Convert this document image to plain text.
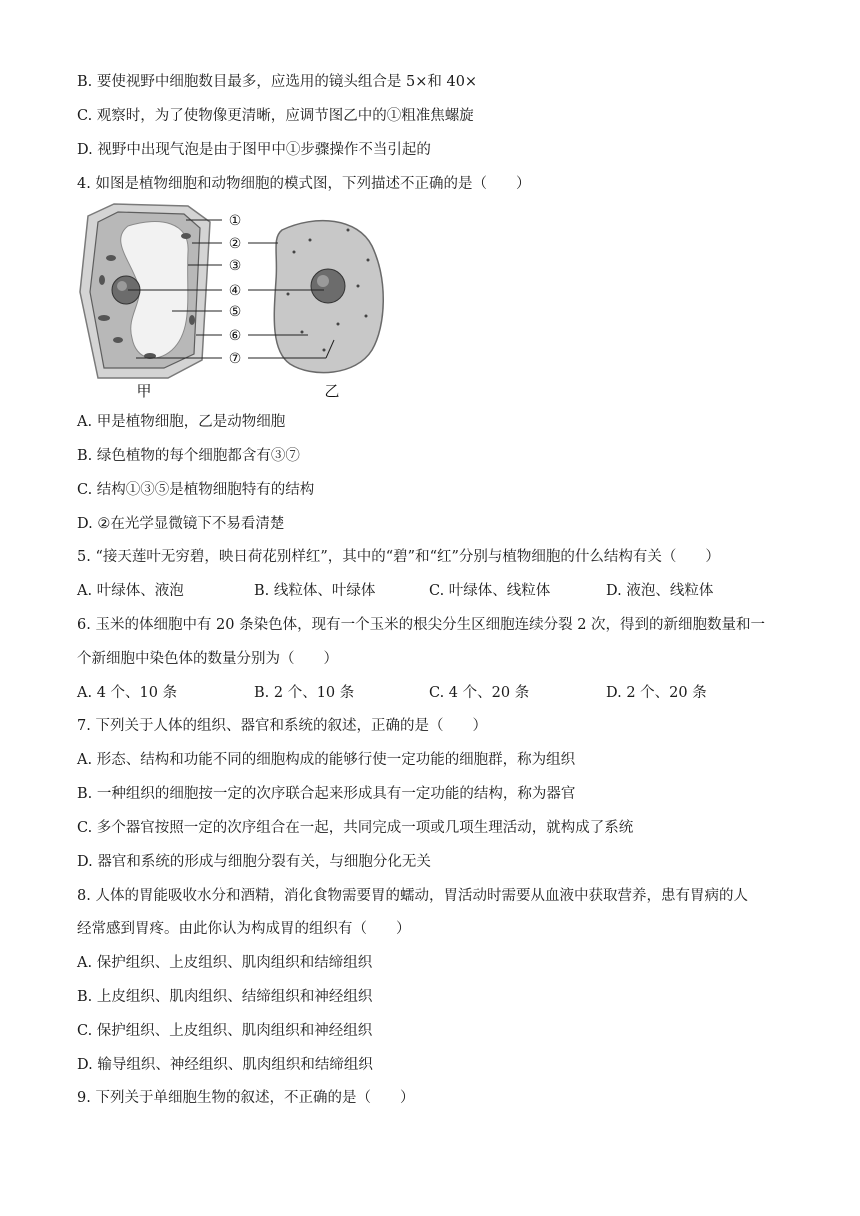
B. 要使视野中细胞数目最多，应选用的镜头组合是 5×和 40×
C. 观察时，为了使物像更清晰，应调节图乙中的①粗准焦螺旋
D. 视野中出现气泡是由于图甲中①步骤操作不当引起的
4. 如图是植物细胞和动物细胞的模式图，下列描述不正确的是（　　）
①
②
③
④
⑤
⑥
⑦
甲	乙
A. 甲是植物细胞，乙是动物细胞
B. 绿色植物的每个细胞都含有③⑦
C. 结构①③⑤是植物细胞特有的结构
D. ②在光学显微镜下不易看清楚
5. “接天莲叶无穷碧，映日荷花别样红”，其中的“碧”和“红”分别与植物细胞的什么结构有关（　　）
A. 叶绿体、液泡	B. 线粒体、叶绿体	C. 叶绿体、线粒体	D. 液泡、线粒体
6. 玉米的体细胞中有 20 条染色体，现有一个玉米的根尖分生区细胞连续分裂 2 次，得到的新细胞数量和一
个新细胞中染色体的数量分别为（　　）
A. 4 个、10 条	B. 2 个、10 条	C. 4 个、20 条	D. 2 个、20 条
7. 下列关于人体的组织、器官和系统的叙述，正确的是（　　）
A. 形态、结构和功能不同的细胞构成的能够行使一定功能的细胞群，称为组织
B. 一种组织的细胞按一定的次序联合起来形成具有一定功能的结构，称为器官
C. 多个器官按照一定的次序组合在一起，共同完成一项或几项生理活动，就构成了系统
D. 器官和系统的形成与细胞分裂有关，与细胞分化无关
8. 人体的胃能吸收水分和酒精，消化食物需要胃的蠕动，胃活动时需要从血液中获取营养，患有胃病的人
经常感到胃疼。由此你认为构成胃的组织有（　　）
A. 保护组织、上皮组织、肌肉组织和结缔组织
B. 上皮组织、肌肉组织、结缔组织和神经组织
C. 保护组织、上皮组织、肌肉组织和神经组织
D. 输导组织、神经组织、肌肉组织和结缔组织
9. 下列关于单细胞生物的叙述，不正确的是（　　）
